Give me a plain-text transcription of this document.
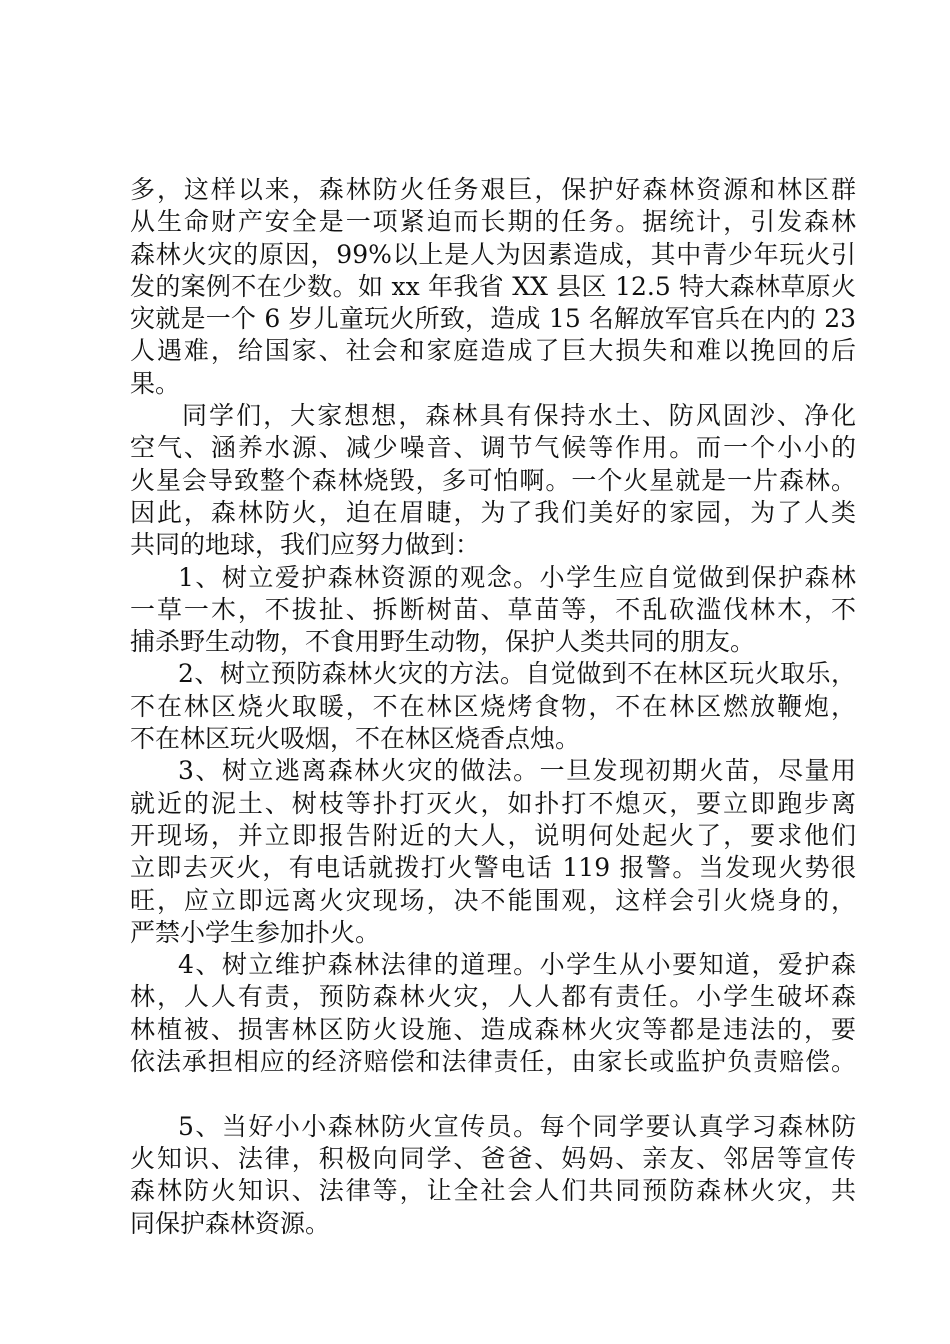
多，这样以来，森林防火任务艰巨，保护好森林资源和林区群
从生命财产安全是一项紧迫而长期的任务。据统计，引发森林
森林火灾的原因，99%以上是人为因素造成，其中青少年玩火引
发的案例不在少数。如 xx 年我省 XX 县区 12.5 特大森林草原火
灾就是一个 6 岁儿童玩火所致，造成 15 名解放军官兵在内的 23
人遇难，给国家、社会和家庭造成了巨大损失和难以挽回的后
果。
同学们，大家想想，森林具有保持水土、防风固沙、净化
空气、涵养水源、减少噪音、调节气候等作用。而一个小小的
火星会导致整个森林烧毁，多可怕啊。一个火星就是一片森林。
因此，森林防火，迫在眉睫，为了我们美好的家园，为了人类
共同的地球，我们应努力做到：
1、树立爱护森林资源的观念。小学生应自觉做到保护森林
一草一木，不拔扯、拆断树苗、草苗等，不乱砍滥伐林木，不
捕杀野生动物，不食用野生动物，保护人类共同的朋友。
2、树立预防森林火灾的方法。自觉做到不在林区玩火取乐，
不在林区烧火取暖，不在林区烧烤食物，不在林区燃放鞭炮，
不在林区玩火吸烟，不在林区烧香点烛。
3、树立逃离森林火灾的做法。一旦发现初期火苗，尽量用
就近的泥土、树枝等扑打灭火，如扑打不熄灭，要立即跑步离
开现场，并立即报告附近的大人，说明何处起火了，要求他们
立即去灭火，有电话就拨打火警电话 119 报警。当发现火势很
旺，应立即远离火灾现场，决不能围观，这样会引火烧身的，
严禁小学生参加扑火。
4、树立维护森林法律的道理。小学生从小要知道，爱护森
林，人人有责，预防森林火灾，人人都有责任。小学生破坏森
林植被、损害林区防火设施、造成森林火灾等都是违法的，要
依法承担相应的经济赔偿和法律责任，由家长或监护负责赔偿。
5、当好小小森林防火宣传员。每个同学要认真学习森林防
火知识、法律，积极向同学、爸爸、妈妈、亲友、邻居等宣传
森林防火知识、法律等，让全社会人们共同预防森林火灾，共
同保护森林资源。
